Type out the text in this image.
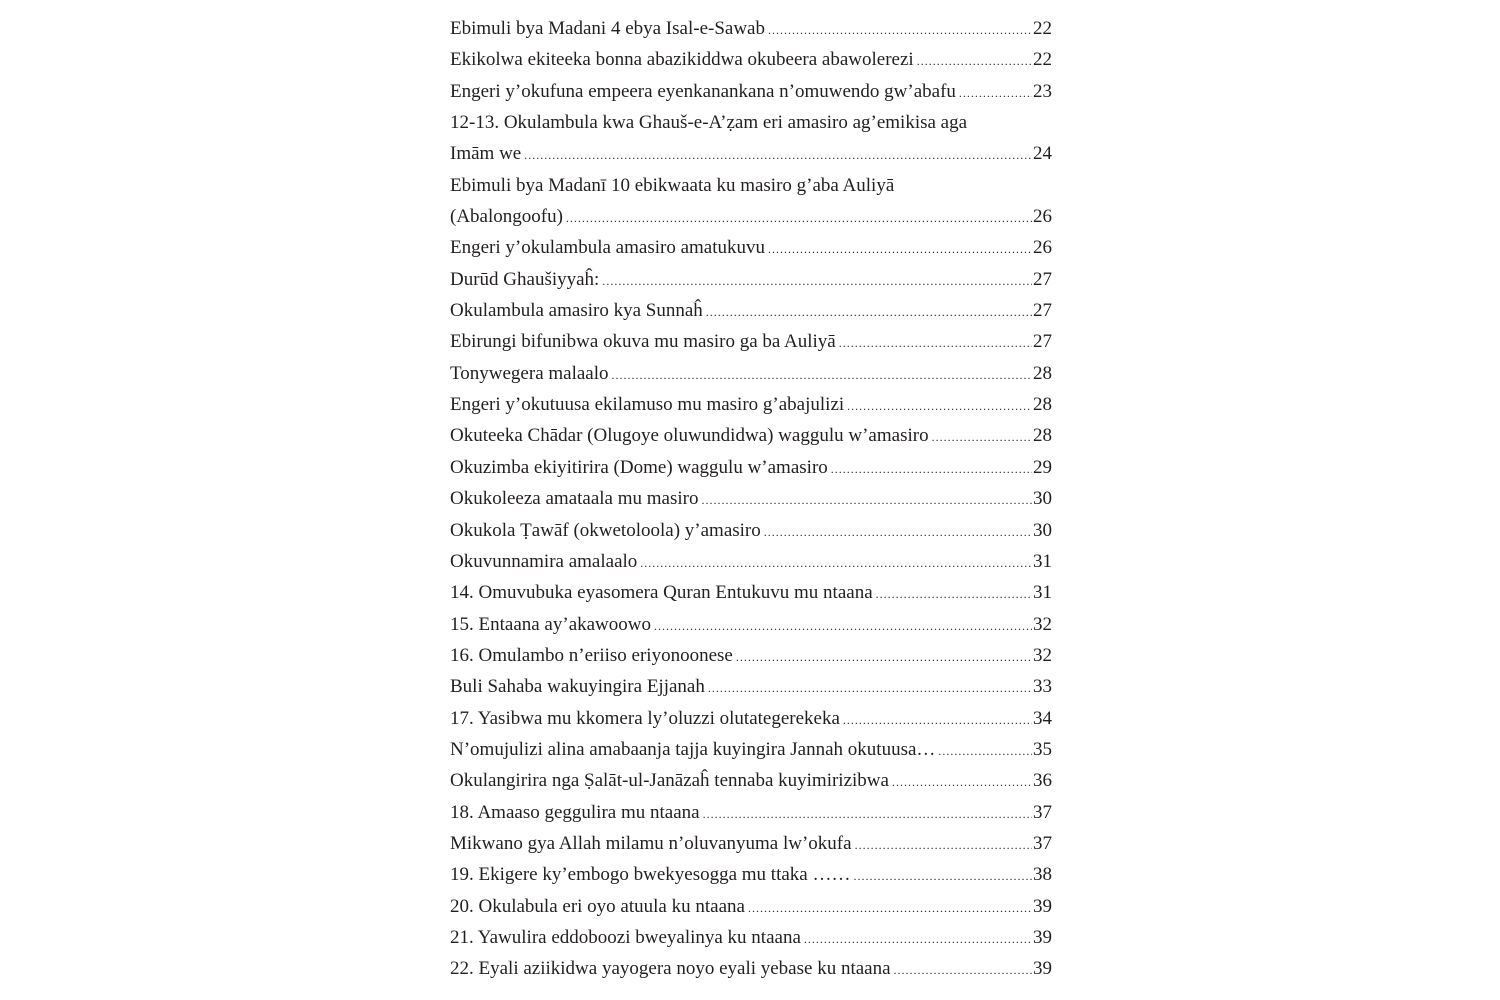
Ebimuli bya Madani 4 ebya Isal-e-Sawab .....	22
Ekikolwa ekiteeka bonna abazikiddwa okubeera abawolerezi .....	22
Engeri y’okufuna empeera eyenkanankana n’omuwendo gw’abafu .....	23
12-13. Okulambula kwa Ghauš-e-A’ẓam eri amasiro ag’emikisa aga
Imām we .....	24
Ebimuli bya Madanī 10 ebikwaata ku masiro g’aba Auliyā
(Abalongoofu) .....	26
Engeri y’okulambula amasiro amatukuvu .....	26
Durūd Ghaušiyyaĥ: .....	27
Okulambula amasiro kya Sunnaĥ .....	27
Ebirungi bifunibwa okuva mu masiro ga ba Auliyā .....	27
Tonywegera malaalo .....	28
Engeri y’okutuusa ekilamuso mu masiro g’abajulizi .....	28
Okuteeka Chādar (Olugoye oluwundidwa) waggulu w’amasiro .....	28
Okuzimba ekiyitirira (Dome) waggulu w’amasiro .....	29
Okukoleeza amataala mu masiro .....	30
Okukola Ṭawāf (okwetoloola) y’amasiro .....	30
Okuvunnamira amalaalo .....	31
14. Omuvubuka eyasomera Quran Entukuvu mu ntaana .....	31
15. Entaana ay’akawoowo .....	32
16. Omulambo n’eriiso eriyonoonese .....	32
Buli Sahaba wakuyingira Ejjanah .....	33
17. Yasibwa mu kkomera ly’oluzzi olutategerekeka .....	34
N’omujulizi alina amabaanja tajja kuyingira Jannah okutuusa… .....	35
Okulangirira nga Ṣalāt-ul-Janāzaĥ tennaba kuyimirizibwa .....	36
18. Amaaso geggulira mu ntaana .....	37
Mikwano gya Allah milamu n’oluvanyuma lw’okufa .....	37
19. Ekigere ky’embogo bwekyesogga mu ttaka …… .....	38
20. Okulabula eri oyo atuula ku ntaana .....	39
21. Yawulira eddoboozi bweyalinya ku ntaana .....	39
22. Eyali aziikidwa yayogera noyo eyali yebase ku ntaana .....	39
